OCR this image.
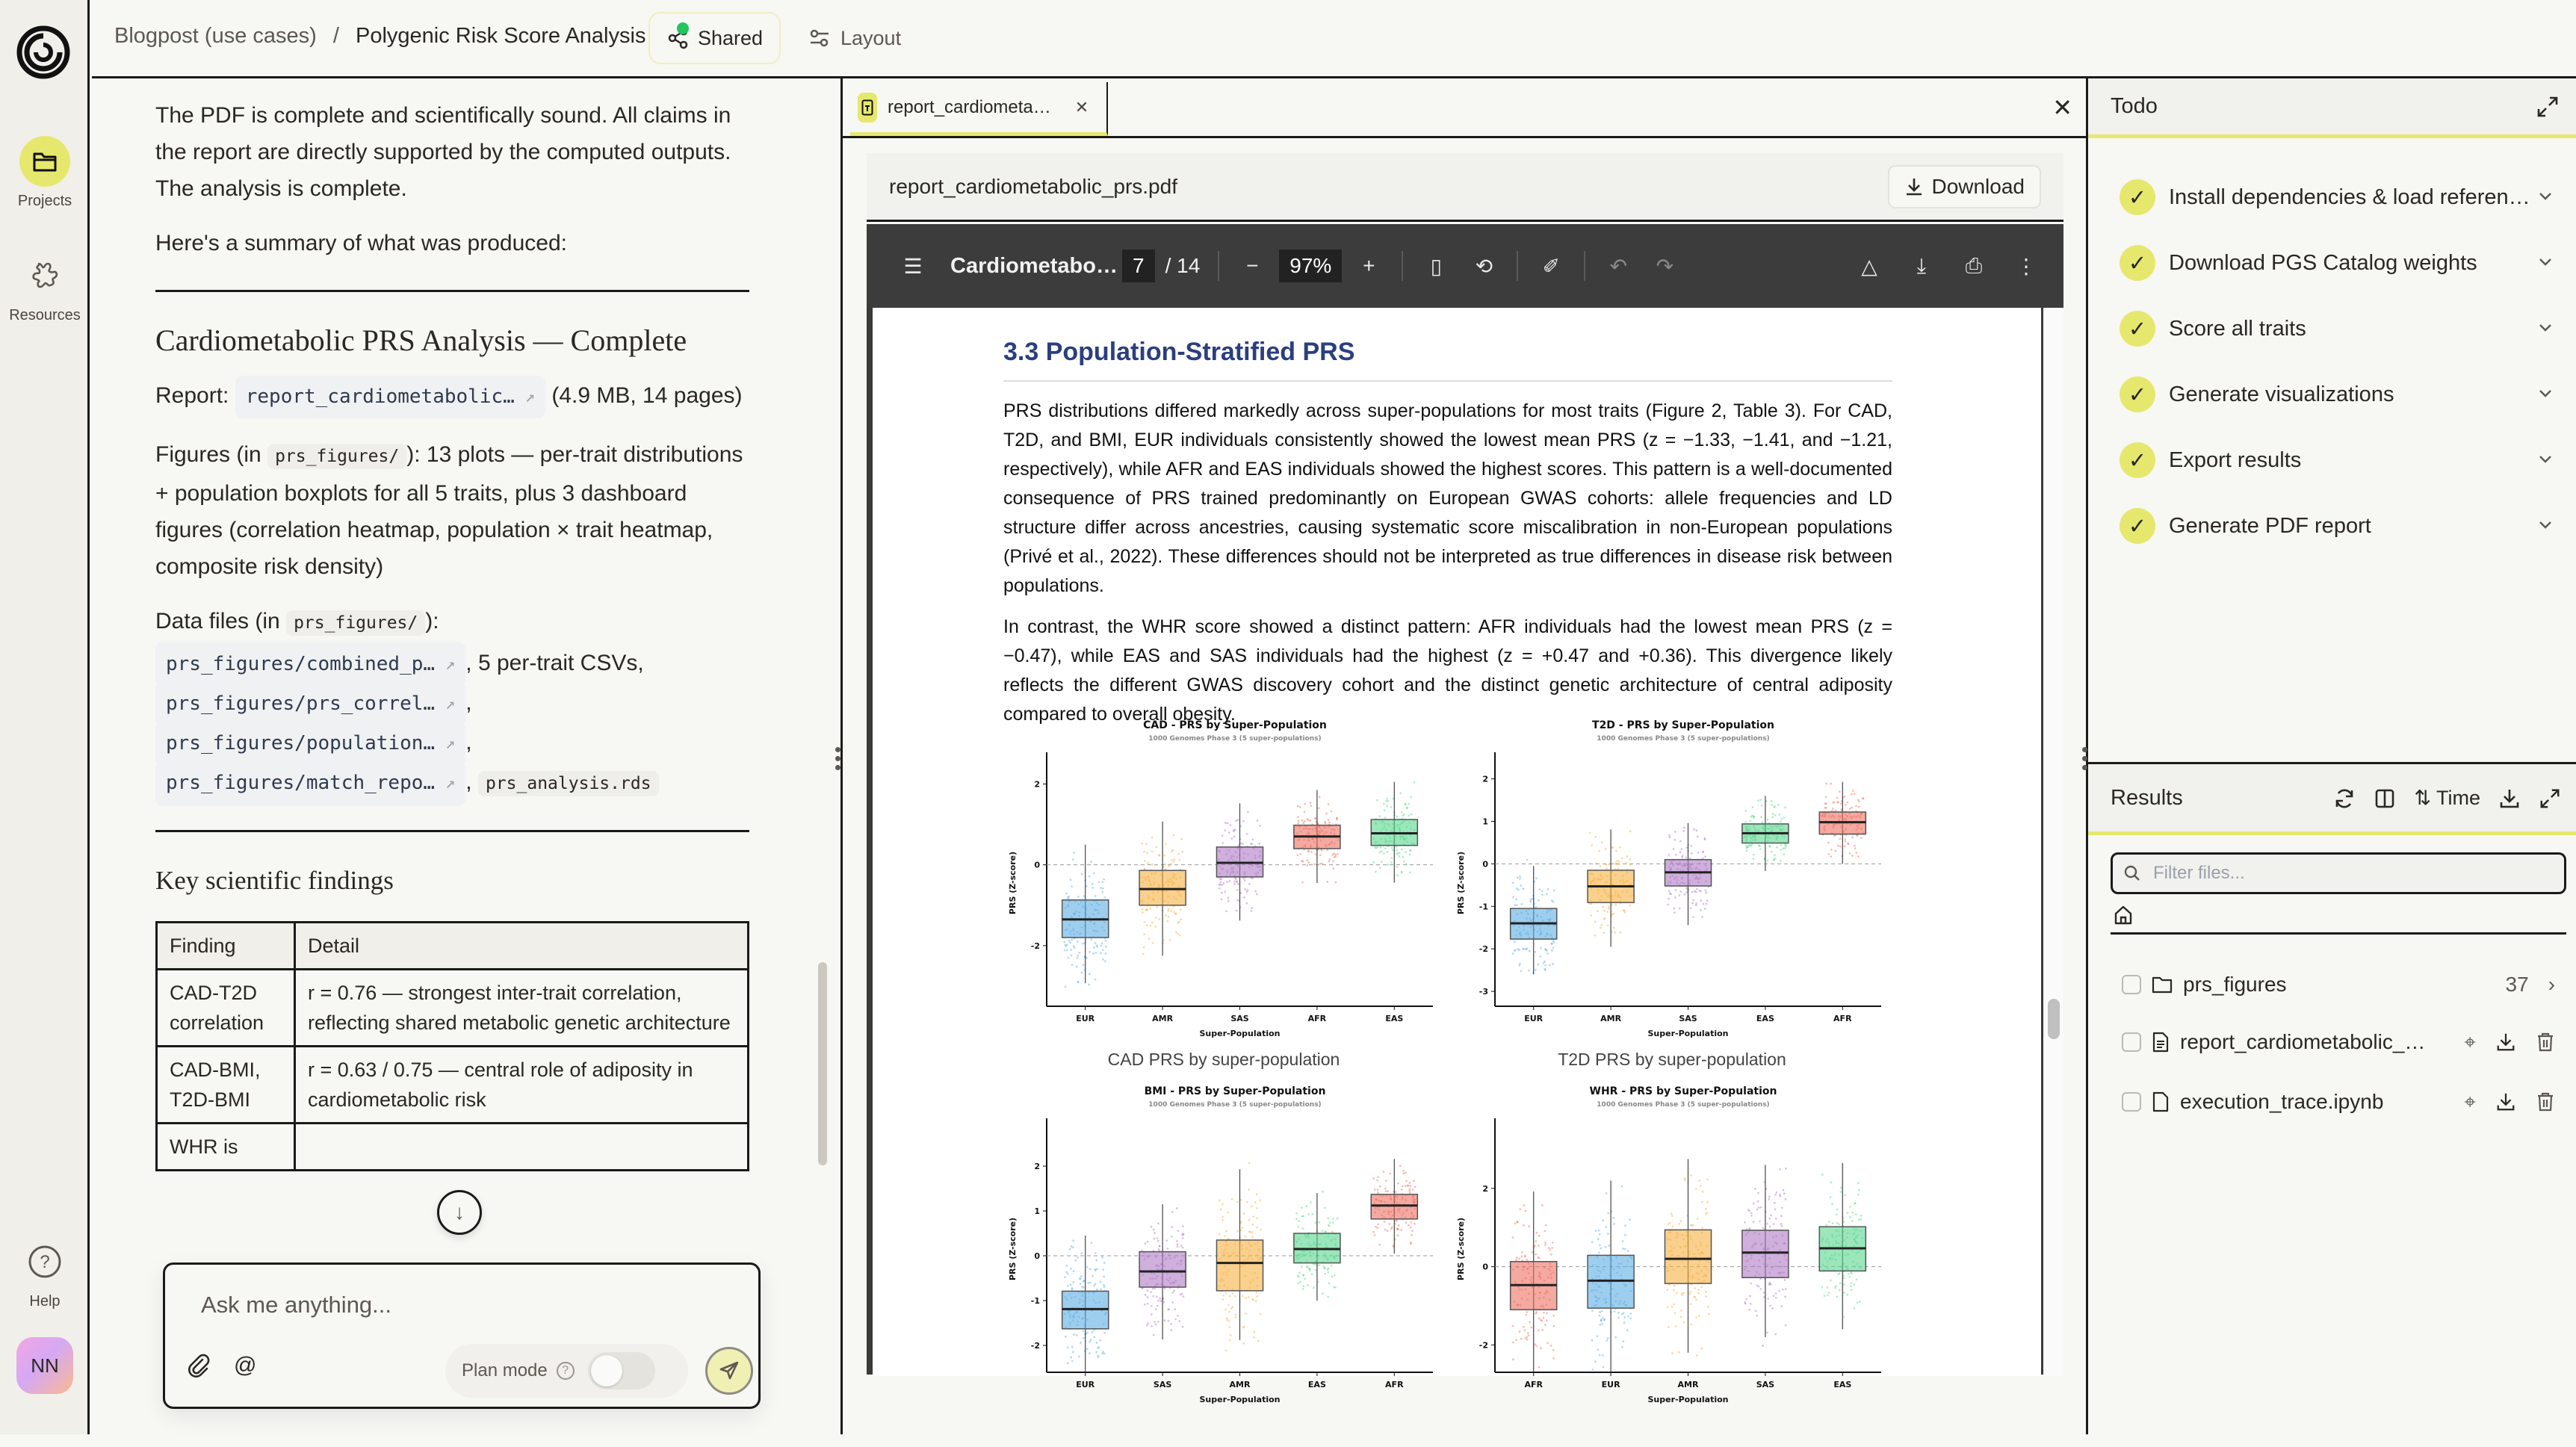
Projects
Resources
?
Help
NN
Blogpost (use cases) / Polygenic Risk Score Analysis	Shared	Layout

The PDF is complete and scientifically sound. All claims in the report are directly supported by the computed outputs. The analysis is complete.

Here's a summary of what was produced:

Cardiometabolic PRS Analysis — Complete

Report: report_cardiometabolic… ↗ (4.9 MB, 14 pages)

Figures (in prs_figures/ ): 13 plots — per-trait distributions + population boxplots for all 5 traits, plus 3 dashboard figures (correlation heatmap, population × trait heatmap, composite risk density)

Data files (in prs_figures/ ):
prs_figures/combined_p… ↗ , 5 per-trait CSVs,
prs_figures/prs_correl… ↗ ,
prs_figures/population… ↗ ,
prs_figures/match_repo… ↗ , prs_analysis.rds
Key scientific findings
Finding	Detail
CAD-T2D correlation	r = 0.76 — strongest inter-trait correlation, reflecting shared metabolic genetic architecture
CAD-BMI, T2D-BMI	r = 0.63 / 0.75 — central role of adiposity in cardiometabolic risk
WHR is	
↓
Ask me anything...
@	Plan mode	?
report_cardiometa… ✕	✕
report_cardiometabolic_prs.pdf	Download
☰ Cardiometabo… 7	/ 14	−	97%	+	▯	⟲ ✐ ↶ ↷	△	⤓	⎙	⋮
3.3 Population-Stratified PRS

PRS distributions differed markedly across super-populations for most traits (Figure 2, Table 3). For CAD, T2D, and BMI, EUR individuals consistently showed the lowest mean PRS (z = −1.33, −1.41, and −1.21, respectively), while AFR and EAS individuals showed the highest scores. This pattern is a well-documented consequence of PRS trained predominantly on European GWAS cohorts: allele frequencies and LD structure differ across ancestries, causing systematic score miscalibration in non-European populations (Privé et al., 2022). These differences should not be interpreted as true differences in disease risk between populations.

In contrast, the WHR score showed a distinct pattern: AFR individuals had the lowest mean PRS (z = −0.47), while EAS and SAS individuals had the highest (z = +0.47 and +0.36). This divergence likely reflects the different GWAS discovery cohort and the distinct genetic architecture of central adiposity compared to overall obesity.

CAD - PRS by Super-Population
1000 Genomes Phase 3 (5 super-populations)
-2
0
2
PRS (Z-score)
EUR	AMR	SAS	AFR	EAS
Super-Population
CAD PRS by super-population
T2D - PRS by Super-Population
1000 Genomes Phase 3 (5 super-populations)
-3
-2
-1
0
1
2
PRS (Z-score)
EUR	AMR	SAS	EAS	AFR
Super-Population
T2D PRS by super-population
BMI - PRS by Super-Population
1000 Genomes Phase 3 (5 super-populations)
-2
-1
0
1
2
PRS (Z-score)
EUR	SAS	AMR	EAS	AFR
Super-Population
WHR - PRS by Super-Population
1000 Genomes Phase 3 (5 super-populations)
-2
0
2
PRS (Z-score)
AFR	EUR	AMR	SAS	EAS
Super-Population
Todo
✓	Install dependencies & load referen…
✓	Download PGS Catalog weights
✓	Score all traits
✓	Generate visualizations
✓	Export results
✓	Generate PDF report
Results	⇅ Time
Filter files...
prs_figures	37 ›
report_cardiometabolic_… ⌖
execution_trace.ipynb	⌖
